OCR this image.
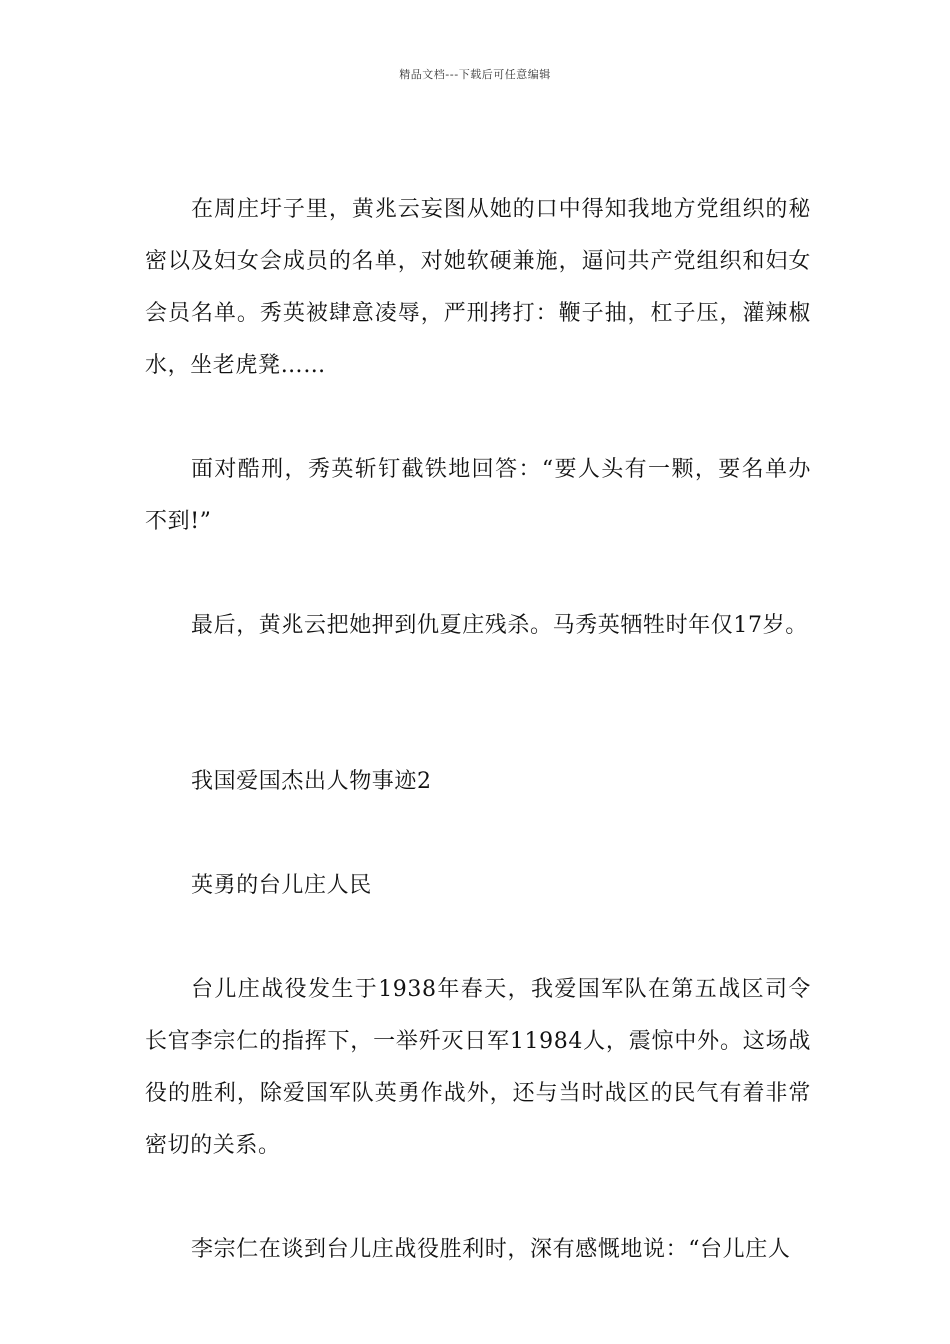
精品文档---下载后可任意编辑

在周庄圩子里，黄兆云妄图从她的口中得知我地方党组织的秘密以及妇女会成员的名单，对她软硬兼施，逼问共产党组织和妇女会员名单。秀英被肆意凌辱，严刑拷打：鞭子抽，杠子压，灌辣椒水，坐老虎凳……

面对酷刑，秀英斩钉截铁地回答：“要人头有一颗，要名单办不到!”

最后，黄兆云把她押到仇夏庄残杀。马秀英牺牲时年仅17岁。

我国爱国杰出人物事迹2

英勇的台儿庄人民

台儿庄战役发生于1938年春天，我爱国军队在第五战区司令长官李宗仁的指挥下，一举歼灭日军11984人，震惊中外。这场战役的胜利，除爱国军队英勇作战外，还与当时战区的民气有着非常密切的关系。

李宗仁在谈到台儿庄战役胜利时，深有感慨地说：“台儿庄人
